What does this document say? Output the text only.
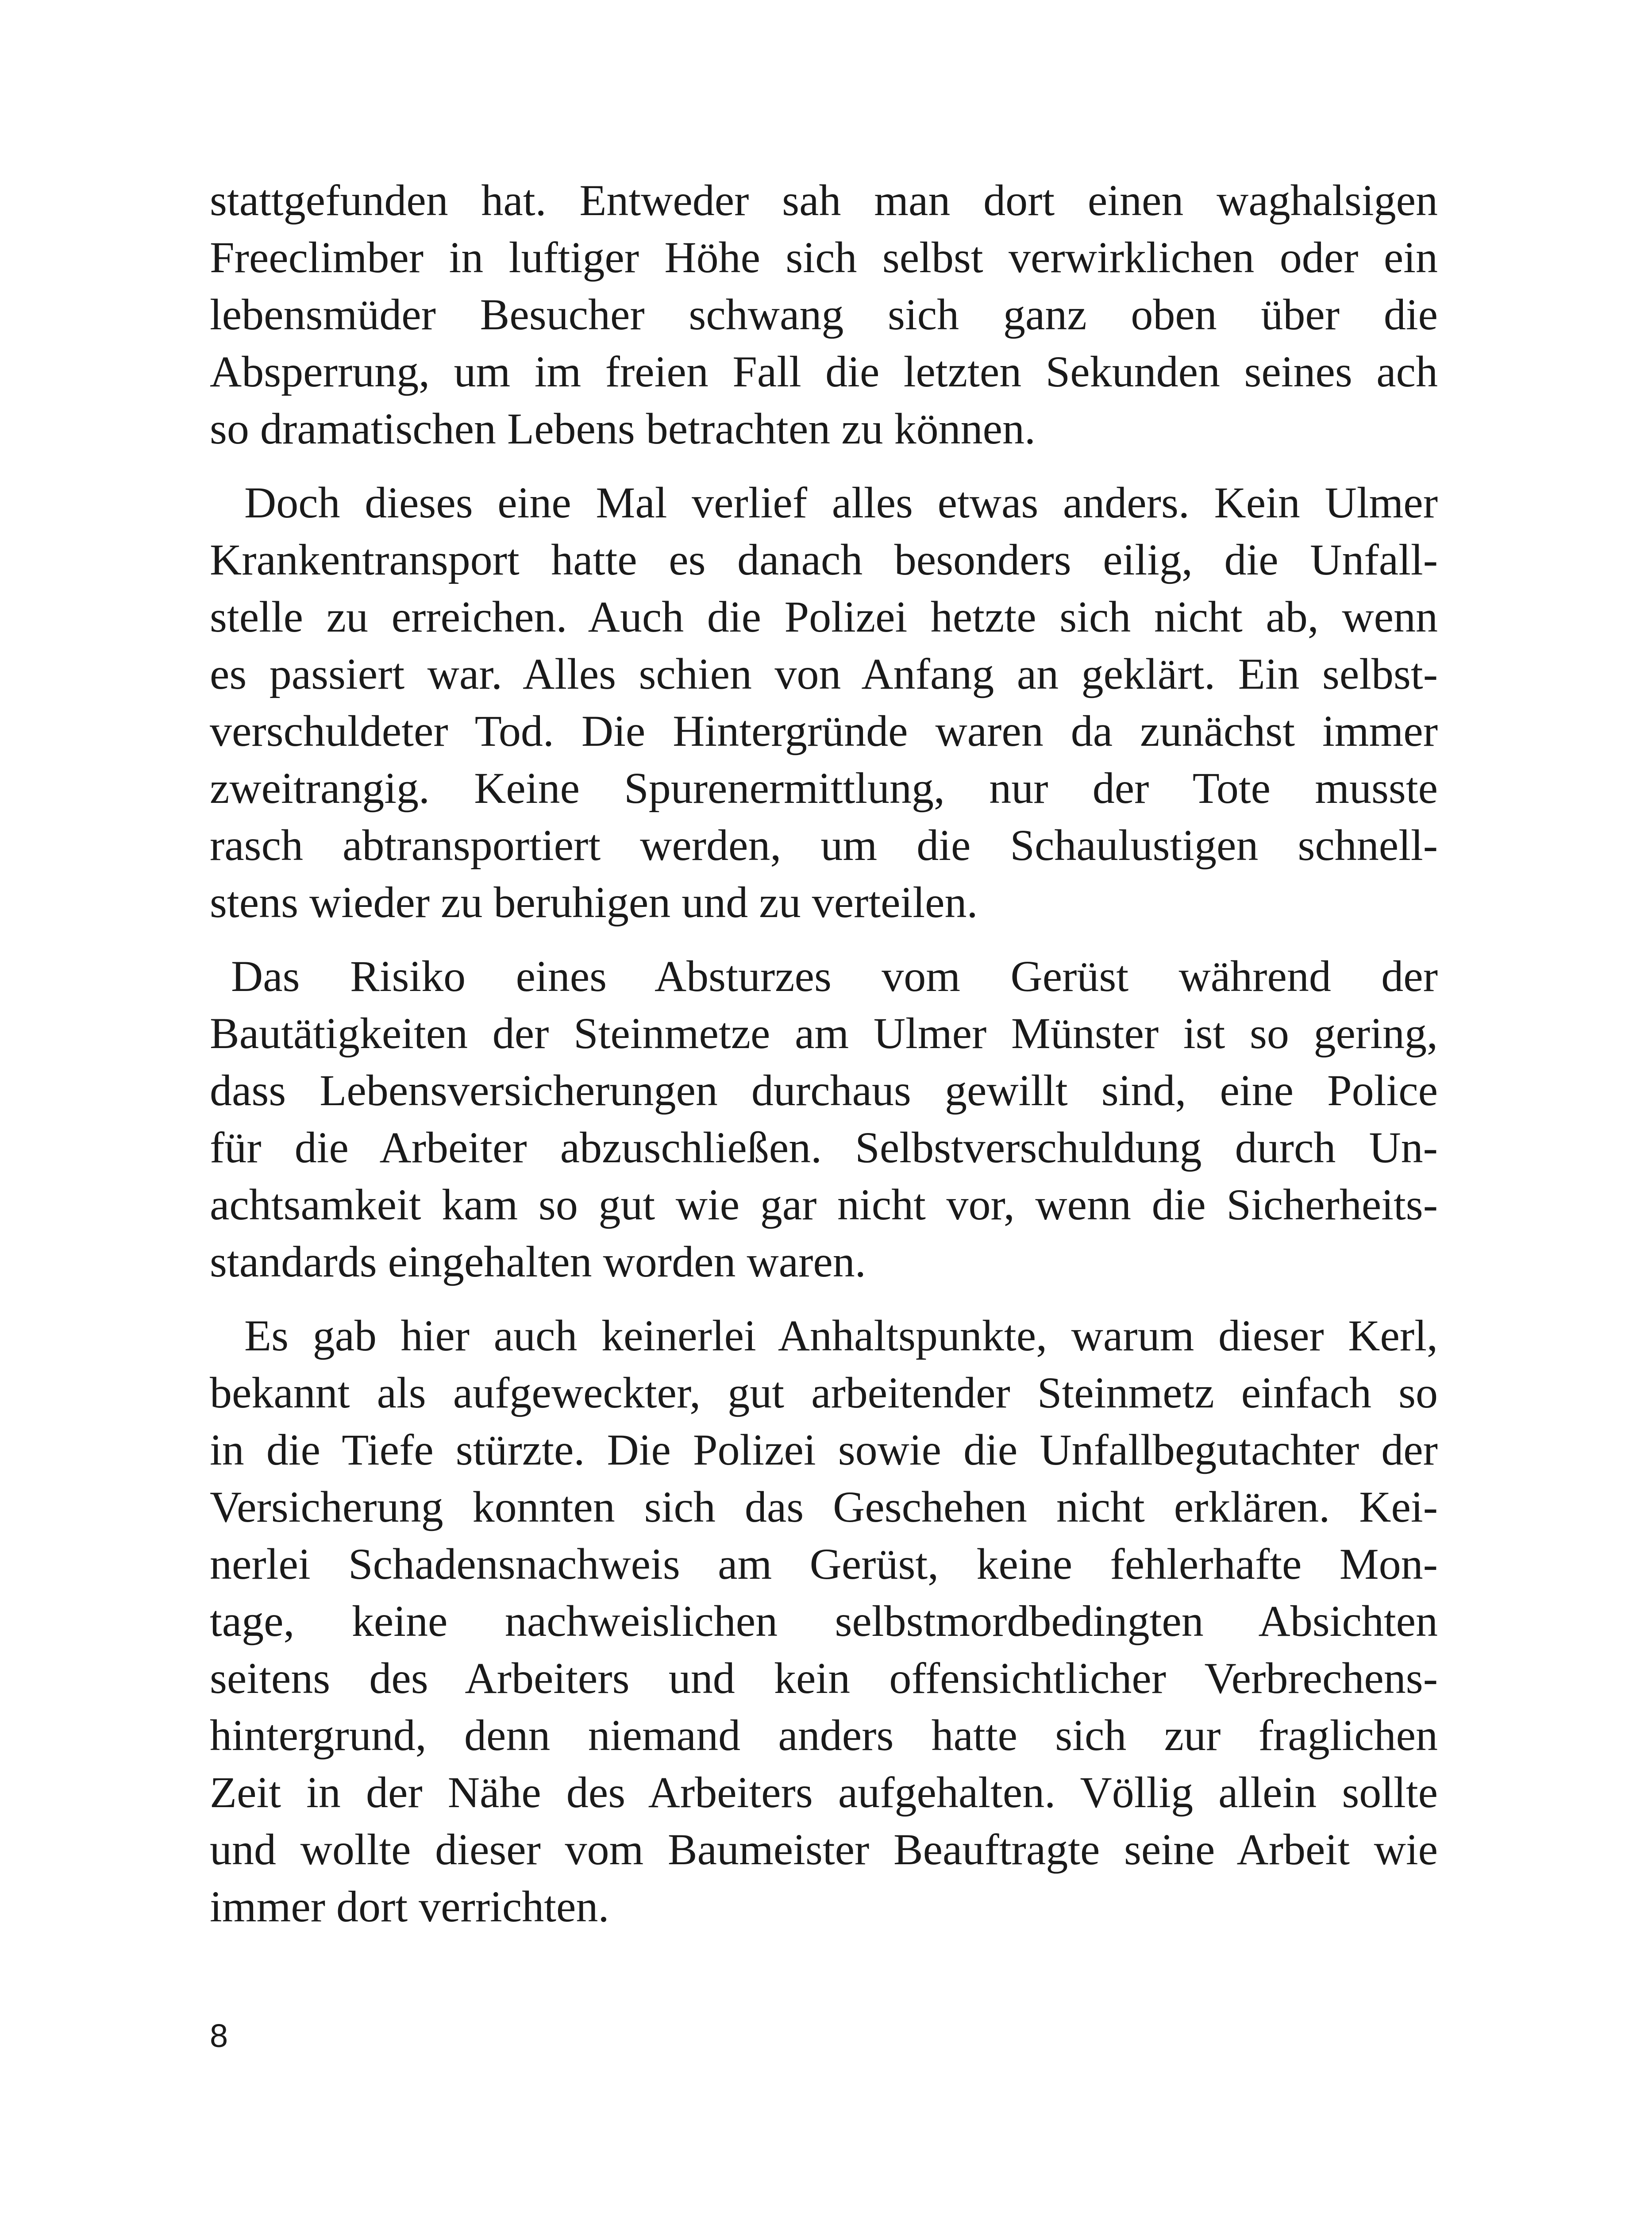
stattgefunden hat. Entweder sah man dort einen waghalsigen
Freeclimber in luftiger Höhe sich selbst verwirklichen oder ein
lebensmüder Besucher schwang sich ganz oben über die
Absperrung, um im freien Fall die letzten Sekunden seines ach
so dramatischen Lebens betrachten zu können.

Doch dieses eine Mal verlief alles etwas anders. Kein Ulmer
Krankentransport hatte es danach besonders eilig, die Unfall-
stelle zu erreichen. Auch die Polizei hetzte sich nicht ab, wenn
es passiert war. Alles schien von Anfang an geklärt. Ein selbst-
verschuldeter Tod. Die Hintergründe waren da zunächst immer
zweitrangig. Keine Spurenermittlung, nur der Tote musste
rasch abtransportiert werden, um die Schaulustigen schnell-
stens wieder zu beruhigen und zu verteilen.

Das Risiko eines Absturzes vom Gerüst während der
Bautätigkeiten der Steinmetze am Ulmer Münster ist so gering,
dass Lebensversicherungen durchaus gewillt sind, eine Police
für die Arbeiter abzuschließen. Selbstverschuldung durch Un-
achtsamkeit kam so gut wie gar nicht vor, wenn die Sicherheits-
standards eingehalten worden waren.

Es gab hier auch keinerlei Anhaltspunkte, warum dieser Kerl,
bekannt als aufgeweckter, gut arbeitender Steinmetz einfach so
in die Tiefe stürzte. Die Polizei sowie die Unfallbegutachter der
Versicherung konnten sich das Geschehen nicht erklären. Kei-
nerlei Schadensnachweis am Gerüst, keine fehlerhafte Mon-
tage, keine nachweislichen selbstmordbedingten Absichten
seitens des Arbeiters und kein offensichtlicher Verbrechens-
hintergrund, denn niemand anders hatte sich zur fraglichen
Zeit in der Nähe des Arbeiters aufgehalten. Völlig allein sollte
und wollte dieser vom Baumeister Beauftragte seine Arbeit wie
immer dort verrichten.

8
